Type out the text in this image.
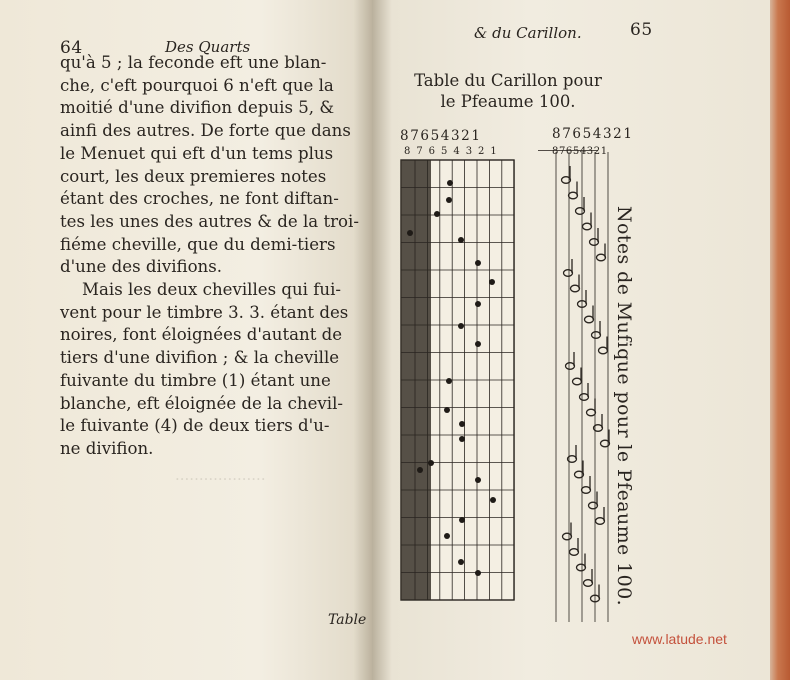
···················
64	Des Quarts

qu'à 5 ; la feconde eft une blan-
che, c'eft pourquoi 6 n'eft que la
moitié d'une divifion depuis 5, &
ainfi des autres. De forte que dans
le Menuet qui eft d'un tems plus
court, les deux premieres notes
étant des croches, ne font diftan-
tes les unes des autres & de la troi-
fiéme cheville, que du demi-tiers
d'une des divifions.

Mais les deux chevilles qui fui-
vent pour le timbre 3. 3. étant des
noires, font éloignées d'autant de
tiers d'une divifion ; & la cheville
fuivante du timbre (1) étant une
blanche, eft éloignée de la chevil-
le fuivante (4) de deux tiers d'u-
ne divifion.

Table
65
& du Carillon.
Table du Carillon pour
le Pfeaume 100.
87654321
8 7 6 5 4 3 2 1
87654321
87654321
Notes de Mufique pour le Pfeaume 100.
www.latude.net
